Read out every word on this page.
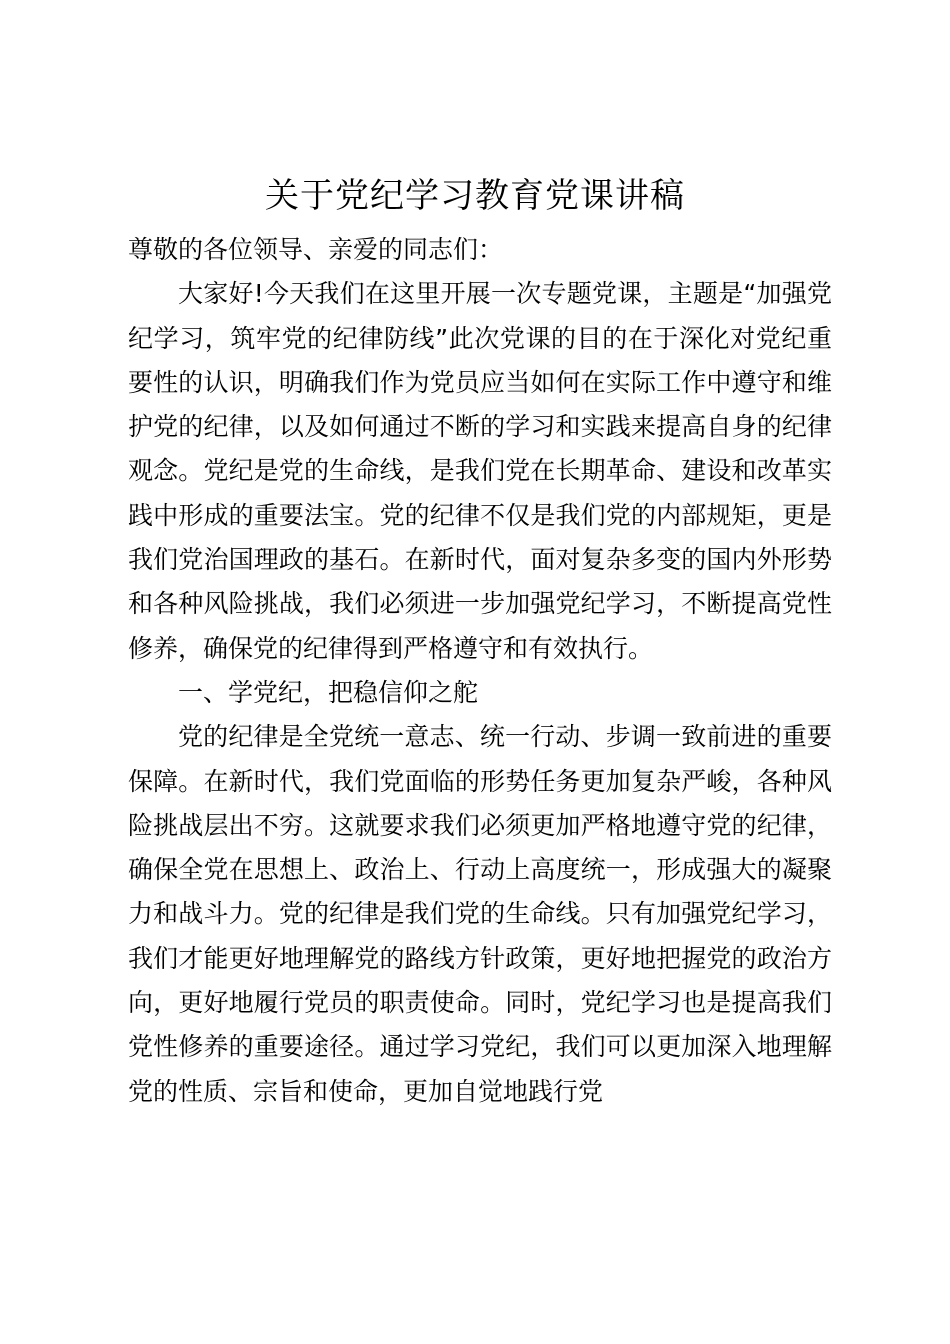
关于党纪学习教育党课讲稿

尊敬的各位领导、亲爱的同志们：

大家好!今天我们在这里开展一次专题党课，主题是“加强党纪学习，筑牢党的纪律防线”此次党课的目的在于深化对党纪重要性的认识，明确我们作为党员应当如何在实际工作中遵守和维护党的纪律，以及如何通过不断的学习和实践来提高自身的纪律观念。党纪是党的生命线，是我们党在长期革命、建设和改革实践中形成的重要法宝。党的纪律不仅是我们党的内部规矩，更是我们党治国理政的基石。在新时代，面对复杂多变的国内外形势和各种风险挑战，我们必须进一步加强党纪学习，不断提高党性修养，确保党的纪律得到严格遵守和有效执行。

一、学党纪，把稳信仰之舵

党的纪律是全党统一意志、统一行动、步调一致前进的重要保障。在新时代，我们党面临的形势任务更加复杂严峻，各种风险挑战层出不穷。这就要求我们必须更加严格地遵守党的纪律，确保全党在思想上、政治上、行动上高度统一，形成强大的凝聚力和战斗力。党的纪律是我们党的生命线。只有加强党纪学习，我们才能更好地理解党的路线方针政策，更好地把握党的政治方向，更好地履行党员的职责使命。同时，党纪学习也是提高我们党性修养的重要途径。通过学习党纪，我们可以更加深入地理解党的性质、宗旨和使命，更加自觉地践行党
